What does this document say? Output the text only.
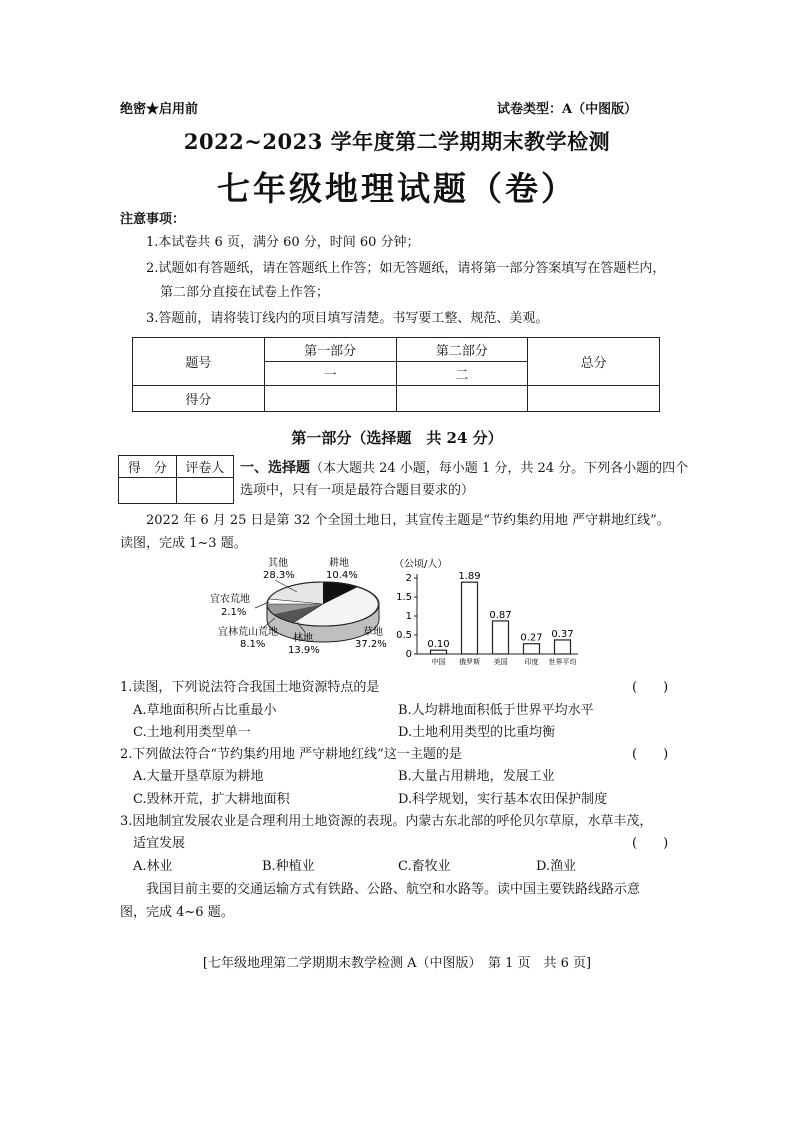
绝密★启用前	试卷类型：A（中图版）
2022~2023 学年度第二学期期末教学检测
七年级地理试题（卷）
注意事项：
1.本试卷共 6 页，满分 60 分，时间 60 分钟；
2.试题如有答题纸，请在答题纸上作答；如无答题纸，请将第一部分答案填写在答题栏内，
第二部分直接在试卷上作答；
3.答题前，请将装订线内的项目填写清楚。书写要工整、规范、美观。
题号	第一部分	第二部分	总分
	一	二	
得分			
第一部分（选择题　共 24 分）
得　分	评卷人
	一、选择题（本大题共 24 小题，每小题 1 分，共 24 分。下列各小题的四个
选项中，只有一项是最符合题目要求的）
2022 年 6 月 25 日是第 32 个全国土地日，其宣传主题是“节约集约用地 严守耕地红线”。
读图，完成 1~3 题。
其他
28.3%
耕地
10.4%
宜农荒地
2.1%
宜林荒山荒地
8.1%
林地
13.9%
草地
37.2%
（公顷/人）
0
0.5
1
1.5
2
0.10
中国
1.89
俄罗斯
0.87
美国
0.27
印度
0.37
世界平均
1.读图，下列说法符合我国土地资源特点的是	(　　)
A.草地面积所占比重最小	B.人均耕地面积低于世界平均水平
C.土地利用类型单一	D.土地利用类型的比重均衡
2.下列做法符合“节约集约用地 严守耕地红线”这一主题的是	(　　)
A.大量开垦草原为耕地	B.大量占用耕地，发展工业
C.毁林开荒，扩大耕地面积	D.科学规划，实行基本农田保护制度
3.因地制宜发展农业是合理利用土地资源的表现。内蒙古东北部的呼伦贝尔草原，水草丰茂，
适宜发展	(　　)
A.林业	B.种植业	C.畜牧业	D.渔业
我国目前主要的交通运输方式有铁路、公路、航空和水路等。读中国主要铁路线路示意
图，完成 4~6 题。
[七年级地理第二学期期末教学检测 A（中图版）　第 1 页　共 6 页]
